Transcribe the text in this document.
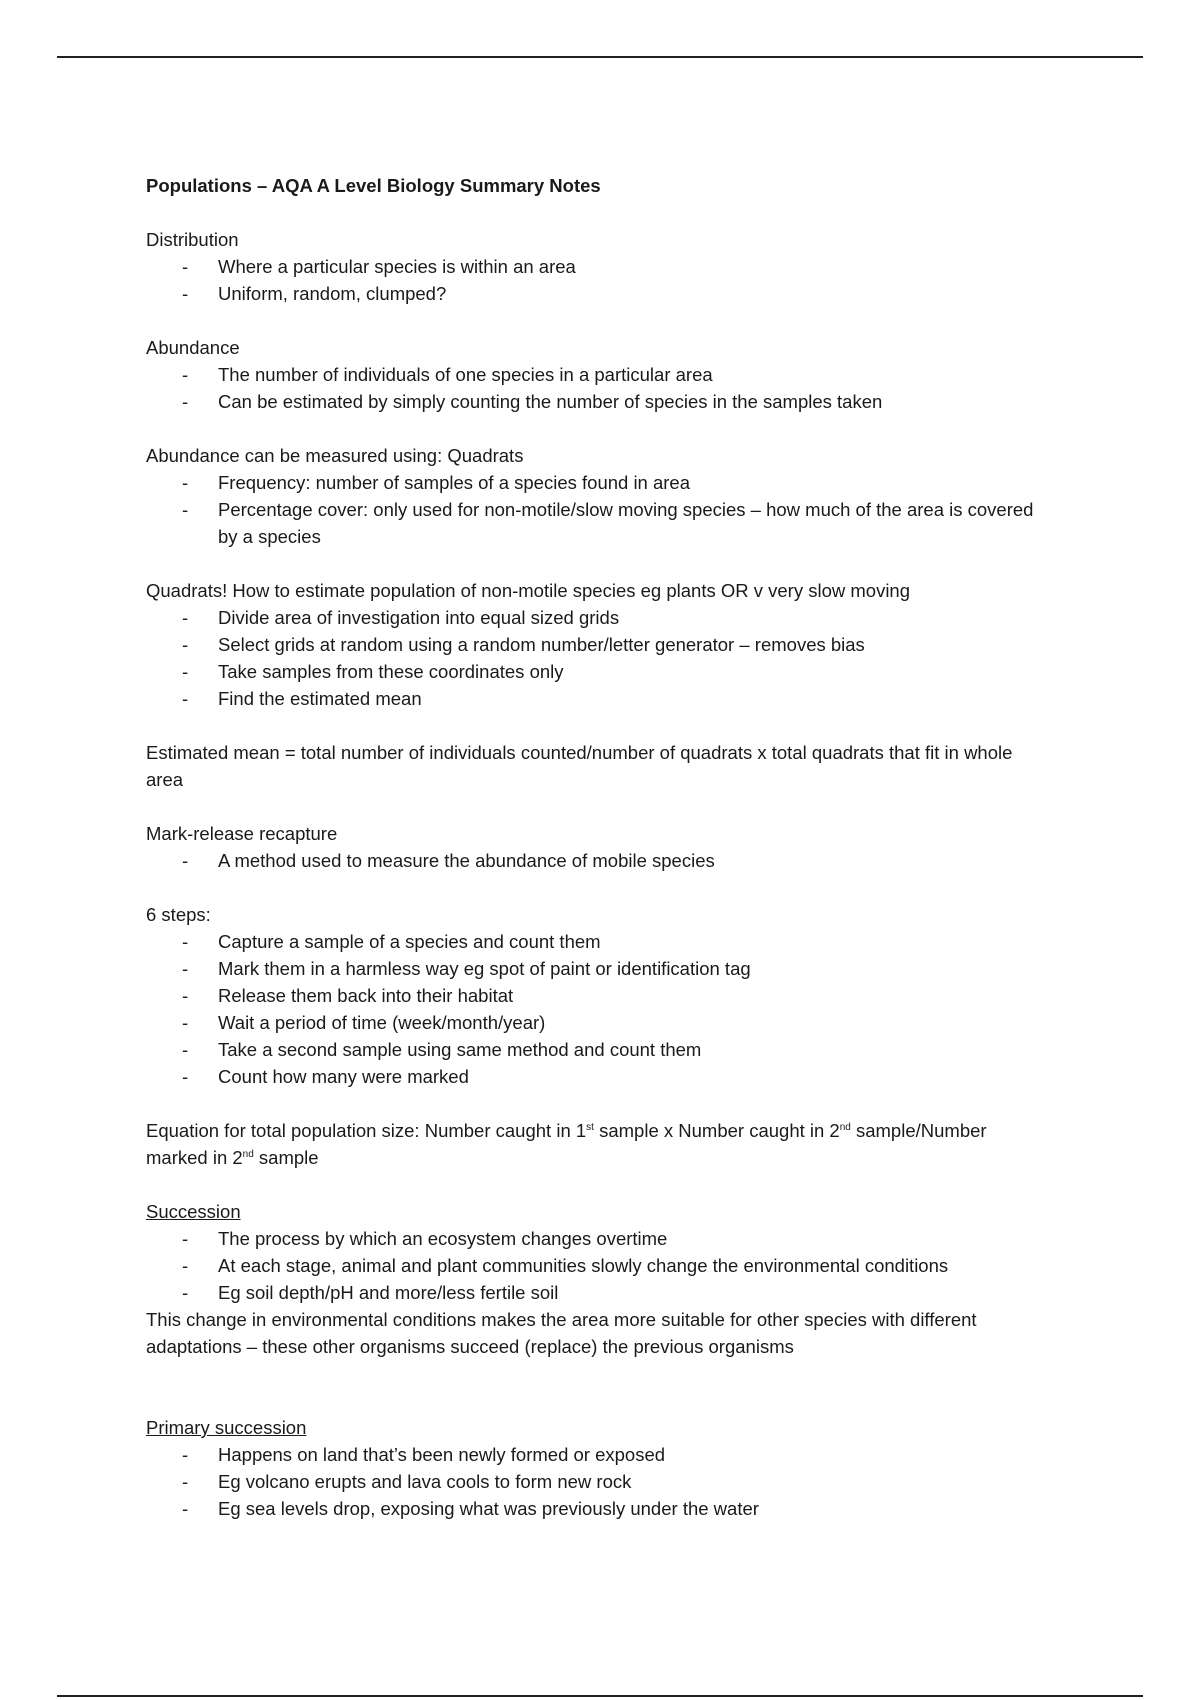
Populations – AQA A Level Biology Summary Notes

Distribution

- Where a particular species is within an area
- Uniform, random, clumped?

Abundance

- The number of individuals of one species in a particular area
- Can be estimated by simply counting the number of species in the samples taken

Abundance can be measured using: Quadrats

- Frequency: number of samples of a species found in area
- Percentage cover: only used for non-motile/slow moving species – how much of the area is covered by a species

Quadrats! How to estimate population of non-motile species eg plants OR v very slow moving

- Divide area of investigation into equal sized grids
- Select grids at random using a random number/letter generator – removes bias
- Take samples from these coordinates only
- Find the estimated mean

Estimated mean = total number of individuals counted/number of quadrats x total quadrats that fit in whole area

Mark-release recapture

- A method used to measure the abundance of mobile species

6 steps:

- Capture a sample of a species and count them
- Mark them in a harmless way eg spot of paint or identification tag
- Release them back into their habitat
- Wait a period of time (week/month/year)
- Take a second sample using same method and count them
- Count how many were marked

Equation for total population size: Number caught in 1st sample x Number caught in 2nd sample/Number marked in 2nd sample

Succession

- The process by which an ecosystem changes overtime
- At each stage, animal and plant communities slowly change the environmental conditions
- Eg soil depth/pH and more/less fertile soil

This change in environmental conditions makes the area more suitable for other species with different adaptations – these other organisms succeed (replace) the previous organisms

Primary succession

- Happens on land that’s been newly formed or exposed
- Eg volcano erupts and lava cools to form new rock
- Eg sea levels drop, exposing what was previously under the water
